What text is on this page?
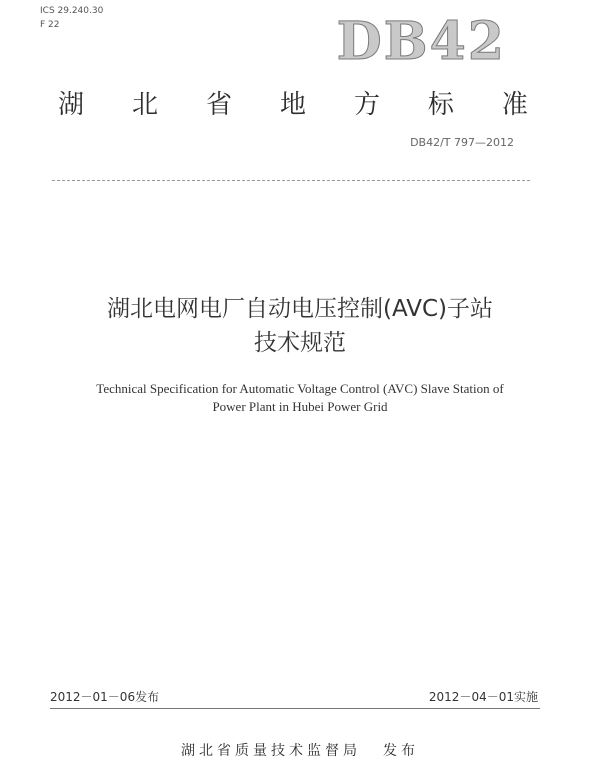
ICS 29.240.30
F 22	DB42
湖 北 省 地 方 标 准
DB42/T 797—2012
湖北电网电厂自动电压控制(AVC)子站
技术规范
Technical Specification for Automatic Voltage Control (AVC) Slave Station of
Power Plant in Hubei Power Grid
2012－01－06发布	2012－04－01实施
湖北省质量技术监督局 发布
